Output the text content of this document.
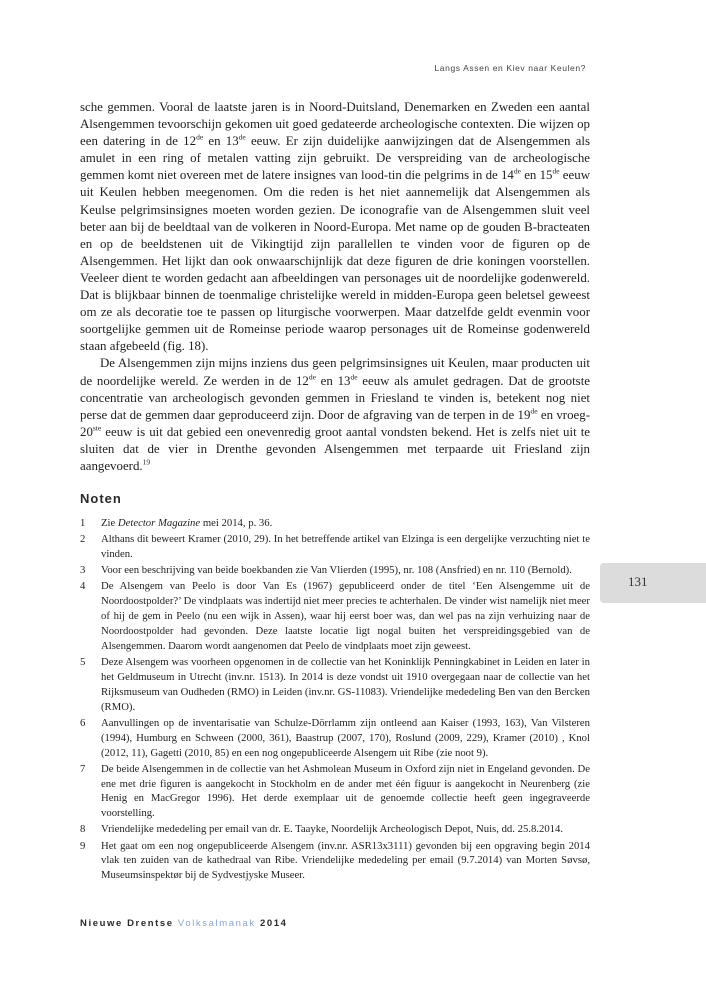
Langs Assen en Kiev naar Keulen?

sche gemmen. Vooral de laatste jaren is in Noord-Duitsland, Denemarken en Zweden een aantal Alsengemmen tevoorschijn gekomen uit goed gedateerde archeologische contexten. Die wijzen op een datering in de 12de en 13de eeuw. Er zijn duidelijke aanwijzingen dat de Alsengemmen als amulet in een ring of metalen vatting zijn gebruikt. De verspreiding van de archeologische gemmen komt niet overeen met de latere insignes van lood-tin die pelgrims in de 14de en 15de eeuw uit Keulen hebben meegenomen. Om die reden is het niet aannemelijk dat Alsengemmen als Keulse pelgrimsinsignes moeten worden gezien. De iconografie van de Alsengemmen sluit veel beter aan bij de beeldtaal van de volkeren in Noord-Europa. Met name op de gouden B-bracteaten en op de beeldstenen uit de Vikingtijd zijn parallellen te vinden voor de figuren op de Alsengemmen. Het lijkt dan ook onwaarschijnlijk dat deze figuren de drie koningen voorstellen. Veeleer dient te worden gedacht aan afbeeldingen van personages uit de noordelijke godenwereld. Dat is blijkbaar binnen de toenmalige christelijke wereld in midden-Europa geen beletsel geweest om ze als decoratie toe te passen op liturgische voorwerpen. Maar datzelfde geldt evenmin voor soortgelijke gemmen uit de Romeinse periode waarop personages uit de Romeinse godenwereld staan afgebeeld (fig. 18).

De Alsengemmen zijn mijns inziens dus geen pelgrimsinsignes uit Keulen, maar producten uit de noordelijke wereld. Ze werden in de 12de en 13de eeuw als amulet gedragen. Dat de grootste concentratie van archeologisch gevonden gemmen in Friesland te vinden is, betekent nog niet perse dat de gemmen daar geproduceerd zijn. Door de afgraving van de terpen in de 19de en vroeg-20ste eeuw is uit dat gebied een onevenredig groot aantal vondsten bekend. Het is zelfs niet uit te sluiten dat de vier in Drenthe gevonden Alsengemmen met terpaarde uit Friesland zijn aangevoerd.$^{19}$

Noten
1 Zie Detector Magazine mei 2014, p. 36.
2 Althans dit beweert Kramer (2010, 29). In het betreffende artikel van Elzinga is een dergelijke verzuchting niet te vinden.
3 Voor een beschrijving van beide boekbanden zie Van Vlierden (1995), nr. 108 (Ansfried) en nr. 110 (Bernold).
4 De Alsengem van Peelo is door Van Es (1967) gepubliceerd onder de titel ‘Een Alsengemme uit de Noordoostpolder?’ De vindplaats was indertijd niet meer precies te achterhalen. De vinder wist namelijk niet meer of hij de gem in Peelo (nu een wijk in Assen), waar hij eerst boer was, dan wel pas na zijn verhuizing naar de Noordoostpolder had gevonden. Deze laatste locatie ligt nogal buiten het verspreidingsgebied van de Alsengemmen. Daarom wordt aangenomen dat Peelo de vindplaats moet zijn geweest.
5 Deze Alsengem was voorheen opgenomen in de collectie van het Koninklijk Penningkabinet in Leiden en later in het Geldmuseum in Utrecht (inv.nr. 1513). In 2014 is deze vondst uit 1910 overgegaan naar de collectie van het Rijksmuseum van Oudheden (RMO) in Leiden (inv.nr. GS-11083). Vriendelijke mededeling Ben van den Bercken (RMO).
6 Aanvullingen op de inventarisatie van Schulze-Dörrlamm zijn ontleend aan Kaiser (1993, 163), Van Vilsteren (1994), Humburg en Schween (2000, 361), Baastrup (2007, 170), Roslund (2009, 229), Kramer (2010) , Knol (2012, 11), Gagetti (2010, 85) en een nog ongepubliceerde Alsengem uit Ribe (zie noot 9).
7 De beide Alsengemmen in de collectie van het Ashmolean Museum in Oxford zijn niet in Engeland gevonden. De ene met drie figuren is aangekocht in Stockholm en de ander met één figuur is aangekocht in Neurenberg (zie Henig en MacGregor 1996). Het derde exemplaar uit de genoemde collectie heeft geen ingegraveerde voorstelling.
8 Vriendelijke mededeling per email van dr. E. Taayke, Noordelijk Archeologisch Depot, Nuis, dd. 25.8.2014.
9 Het gaat om een nog ongepubliceerde Alsengem (inv.nr. ASR13x3111) gevonden bij een opgraving begin 2014 vlak ten zuiden van de kathedraal van Ribe. Vriendelijke mededeling per email (9.7.2014) van Morten Søvsø, Museumsinspektør bij de Sydvestjyske Museer.
131
Nieuwe Drentse Volksalmanak 2014
